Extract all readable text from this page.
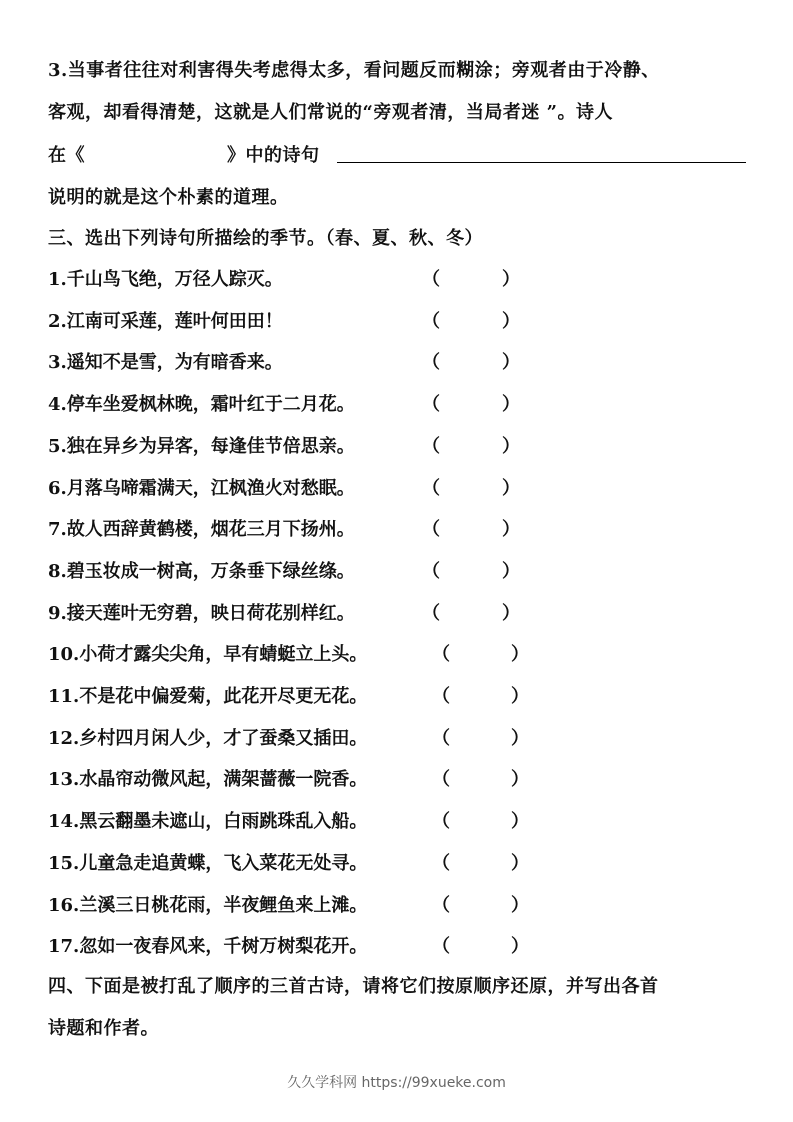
3.当事者往往对利害得失考虑得太多，看问题反而糊涂；旁观者由于冷静、
客观，却看得清楚，这就是人们常说的“旁观者清，当局者迷 ”。诗人
在《	》中的诗句
说明的就是这个朴素的道理。
三、选出下列诗句所描绘的季节。（春、夏、秋、冬）
1.千山鸟飞绝，万径人踪灭。	（	）
2.江南可采莲，莲叶何田田！	（	）
3.遥知不是雪，为有暗香来。	（	）
4.停车坐爱枫林晚，霜叶红于二月花。	（	）
5.独在异乡为异客，每逢佳节倍思亲。	（	）
6.月落乌啼霜满天，江枫渔火对愁眠。	（	）
7.故人西辞黄鹤楼，烟花三月下扬州。	（	）
8.碧玉妆成一树高，万条垂下绿丝绦。	（	）
9.接天莲叶无穷碧，映日荷花别样红。	（	）
10.小荷才露尖尖角，早有蜻蜓立上头。	（	）
11.不是花中偏爱菊，此花开尽更无花。	（	）
12.乡村四月闲人少，才了蚕桑又插田。	（	）
13.水晶帘动微风起，满架蔷薇一院香。	（	）
14.黑云翻墨未遮山，白雨跳珠乱入船。	（	）
15.儿童急走追黄蝶，飞入菜花无处寻。	（	）
16.兰溪三日桃花雨，半夜鲤鱼来上滩。	（	）
17.忽如一夜春风来，千树万树梨花开。	（	）
四、下面是被打乱了顺序的三首古诗，请将它们按原顺序还原，并写出各首
诗题和作者。
久久学科网 https://99xueke.com
